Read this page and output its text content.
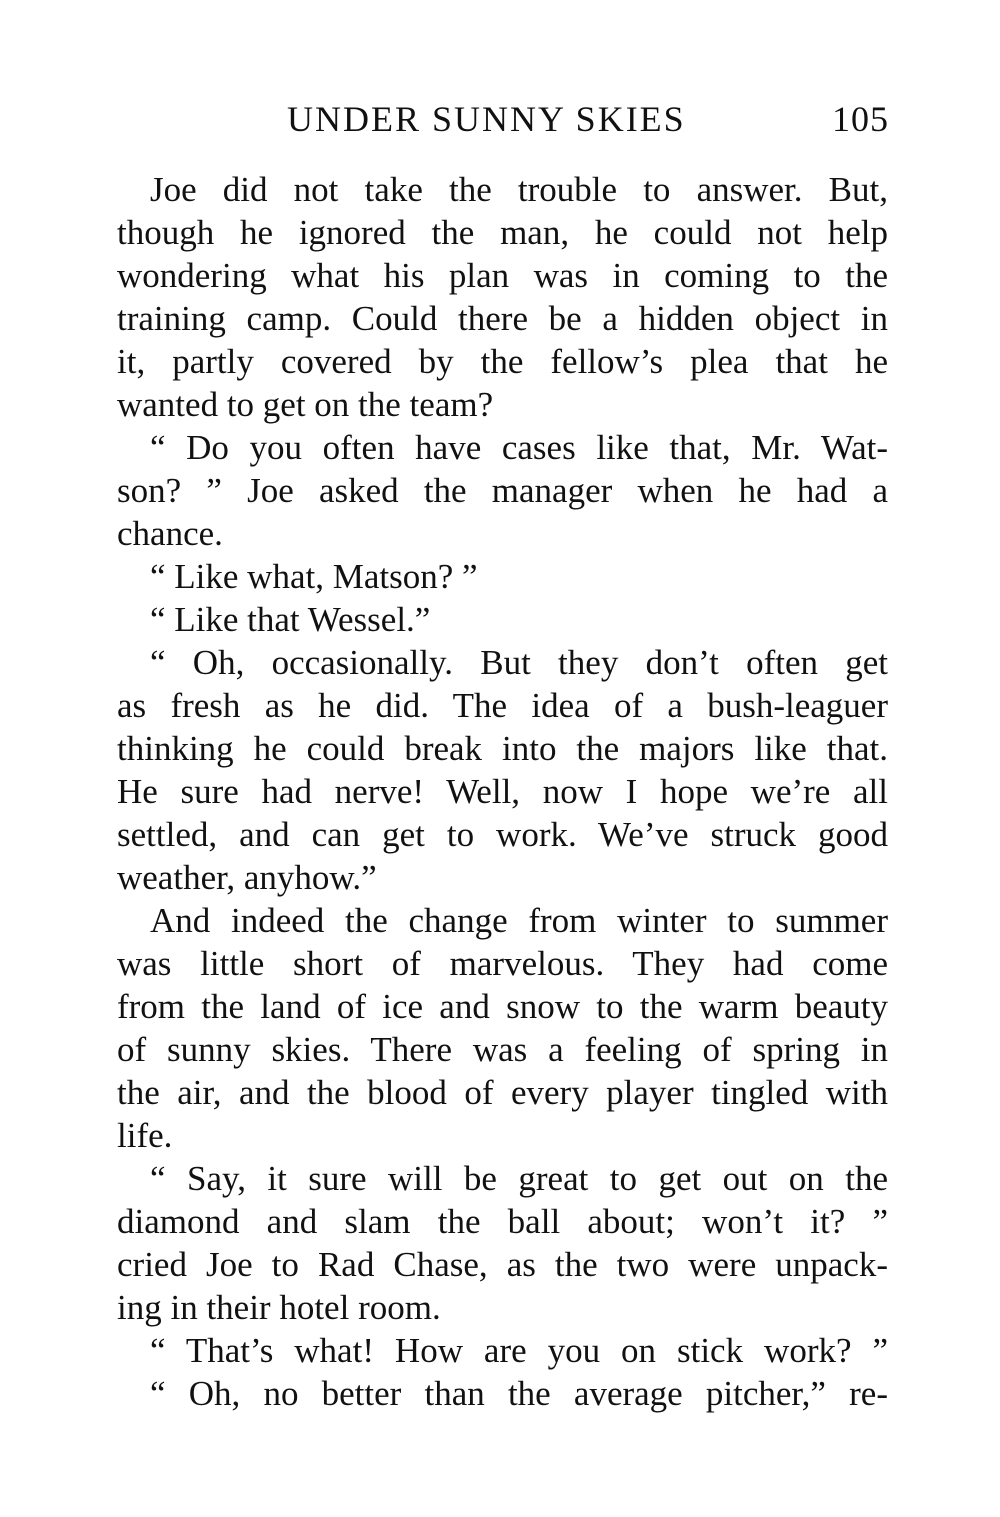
UNDER SUNNY SKIES	105
Joe did not take the trouble to answer. But,
though he ignored the man, he could not help
wondering what his plan was in coming to the
training camp. Could there be a hidden object in
it, partly covered by the fellow’s plea that he
wanted to get on the team?
“ Do you often have cases like that, Mr. Wat-
son? ” Joe asked the manager when he had a
chance.
“ Like what, Matson? ”
“ Like that Wessel.”
“ Oh, occasionally. But they don’t often get
as fresh as he did. The idea of a bush-leaguer
thinking he could break into the majors like that.
He sure had nerve! Well, now I hope we’re all
settled, and can get to work. We’ve struck good
weather, anyhow.”
And indeed the change from winter to summer
was little short of marvelous. They had come
from the land of ice and snow to the warm beauty
of sunny skies. There was a feeling of spring in
the air, and the blood of every player tingled with
life.
“ Say, it sure will be great to get out on the
diamond and slam the ball about; won’t it? ”
cried Joe to Rad Chase, as the two were unpack-
ing in their hotel room.
“ That’s what! How are you on stick work? ”
“ Oh, no better than the average pitcher,” re-
